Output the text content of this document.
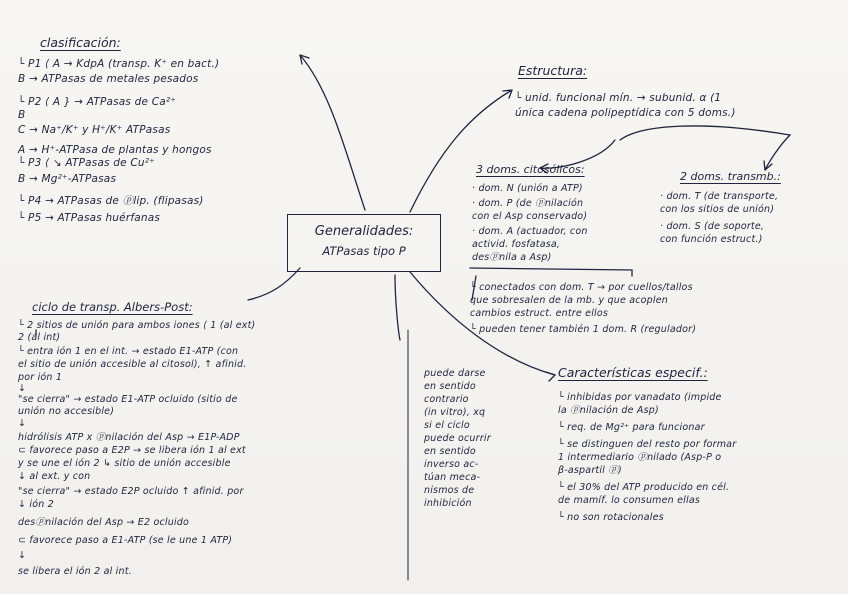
Generalidades:
ATPasas tipo P
clasificación:
└ P1 ⟨ A → KdpA (transp. K⁺ en bact.)
B → ATPasas de metales pesados
└ P2 ⟨ A } → ATPasas de Ca²⁺
B
C → Na⁺/K⁺ y H⁺/K⁺ ATPasas
A → H⁺-ATPasa de plantas y hongos
└ P3 ⟨ ↘ ATPasas de Cu²⁺
B → Mg²⁺-ATPasas
└ P4 → ATPasas de ⓟlip. (flipasas)
└ P5 → ATPasas huérfanas
Estructura:
└ unid. funcional mín. → subunid. α (1
única cadena polipeptídica con 5 doms.)
3 doms. citosólicos:
· dom. N (unión a ATP)
· dom. P (de ⓟnilación
con el Asp conservado)
· dom. A (actuador, con
activid. fosfatasa,
desⓟnila a Asp)
2 doms. transmb.:
· dom. T (de transporte,
con los sitios de unión)
· dom. S (de soporte,
con función estruct.)
└ conectados con dom. T → por cuellos/tallos
que sobresalen de la mb. y que acoplen
cambios estruct. entre ellos
└ pueden tener también 1 dom. R (regulador)
ciclo de transp. Albers-Post:
└ 2 sitios de unión para ambos iones ⟨ 1 (al ext)
2 (al int)
└ entra ión 1 en el int. → estado E1-ATP (con
el sitio de unión accesible al citosol), ↑ afinid.
por ión 1
↓
"se cierra" → estado E1-ATP ocluido (sitio de
unión no accesible)
↓
hidrólisis ATP x ⓟnilación del Asp → E1P-ADP
⊂ favorece paso a E2P → se libera ión 1 al ext
y se une el ión 2 ↳ sitio de unión accesible
↓ al ext. y con
"se cierra" → estado E2P ocluido ↑ afinid. por
↓ ión 2
desⓟnilación del Asp → E2 ocluido
⊂ favorece paso a E1-ATP (se le une 1 ATP)
↓
se libera el ión 2 al int.
puede darse
en sentido
contrario
(in vitro), xq
si el ciclo
puede ocurrir
en sentido
inverso ac-
túan meca-
nismos de
inhibición
Características especif.:
└ inhibidas por vanadato (impide
la ⓟnilación de Asp)
└ req. de Mg²⁺ para funcionar
└ se distinguen del resto por formar
1 intermediario ⓟnilado (Asp-P o
β-aspartil ⓟ)
└ el 30% del ATP producido en cél.
de mamíf. lo consumen ellas
└ no son rotacionales
